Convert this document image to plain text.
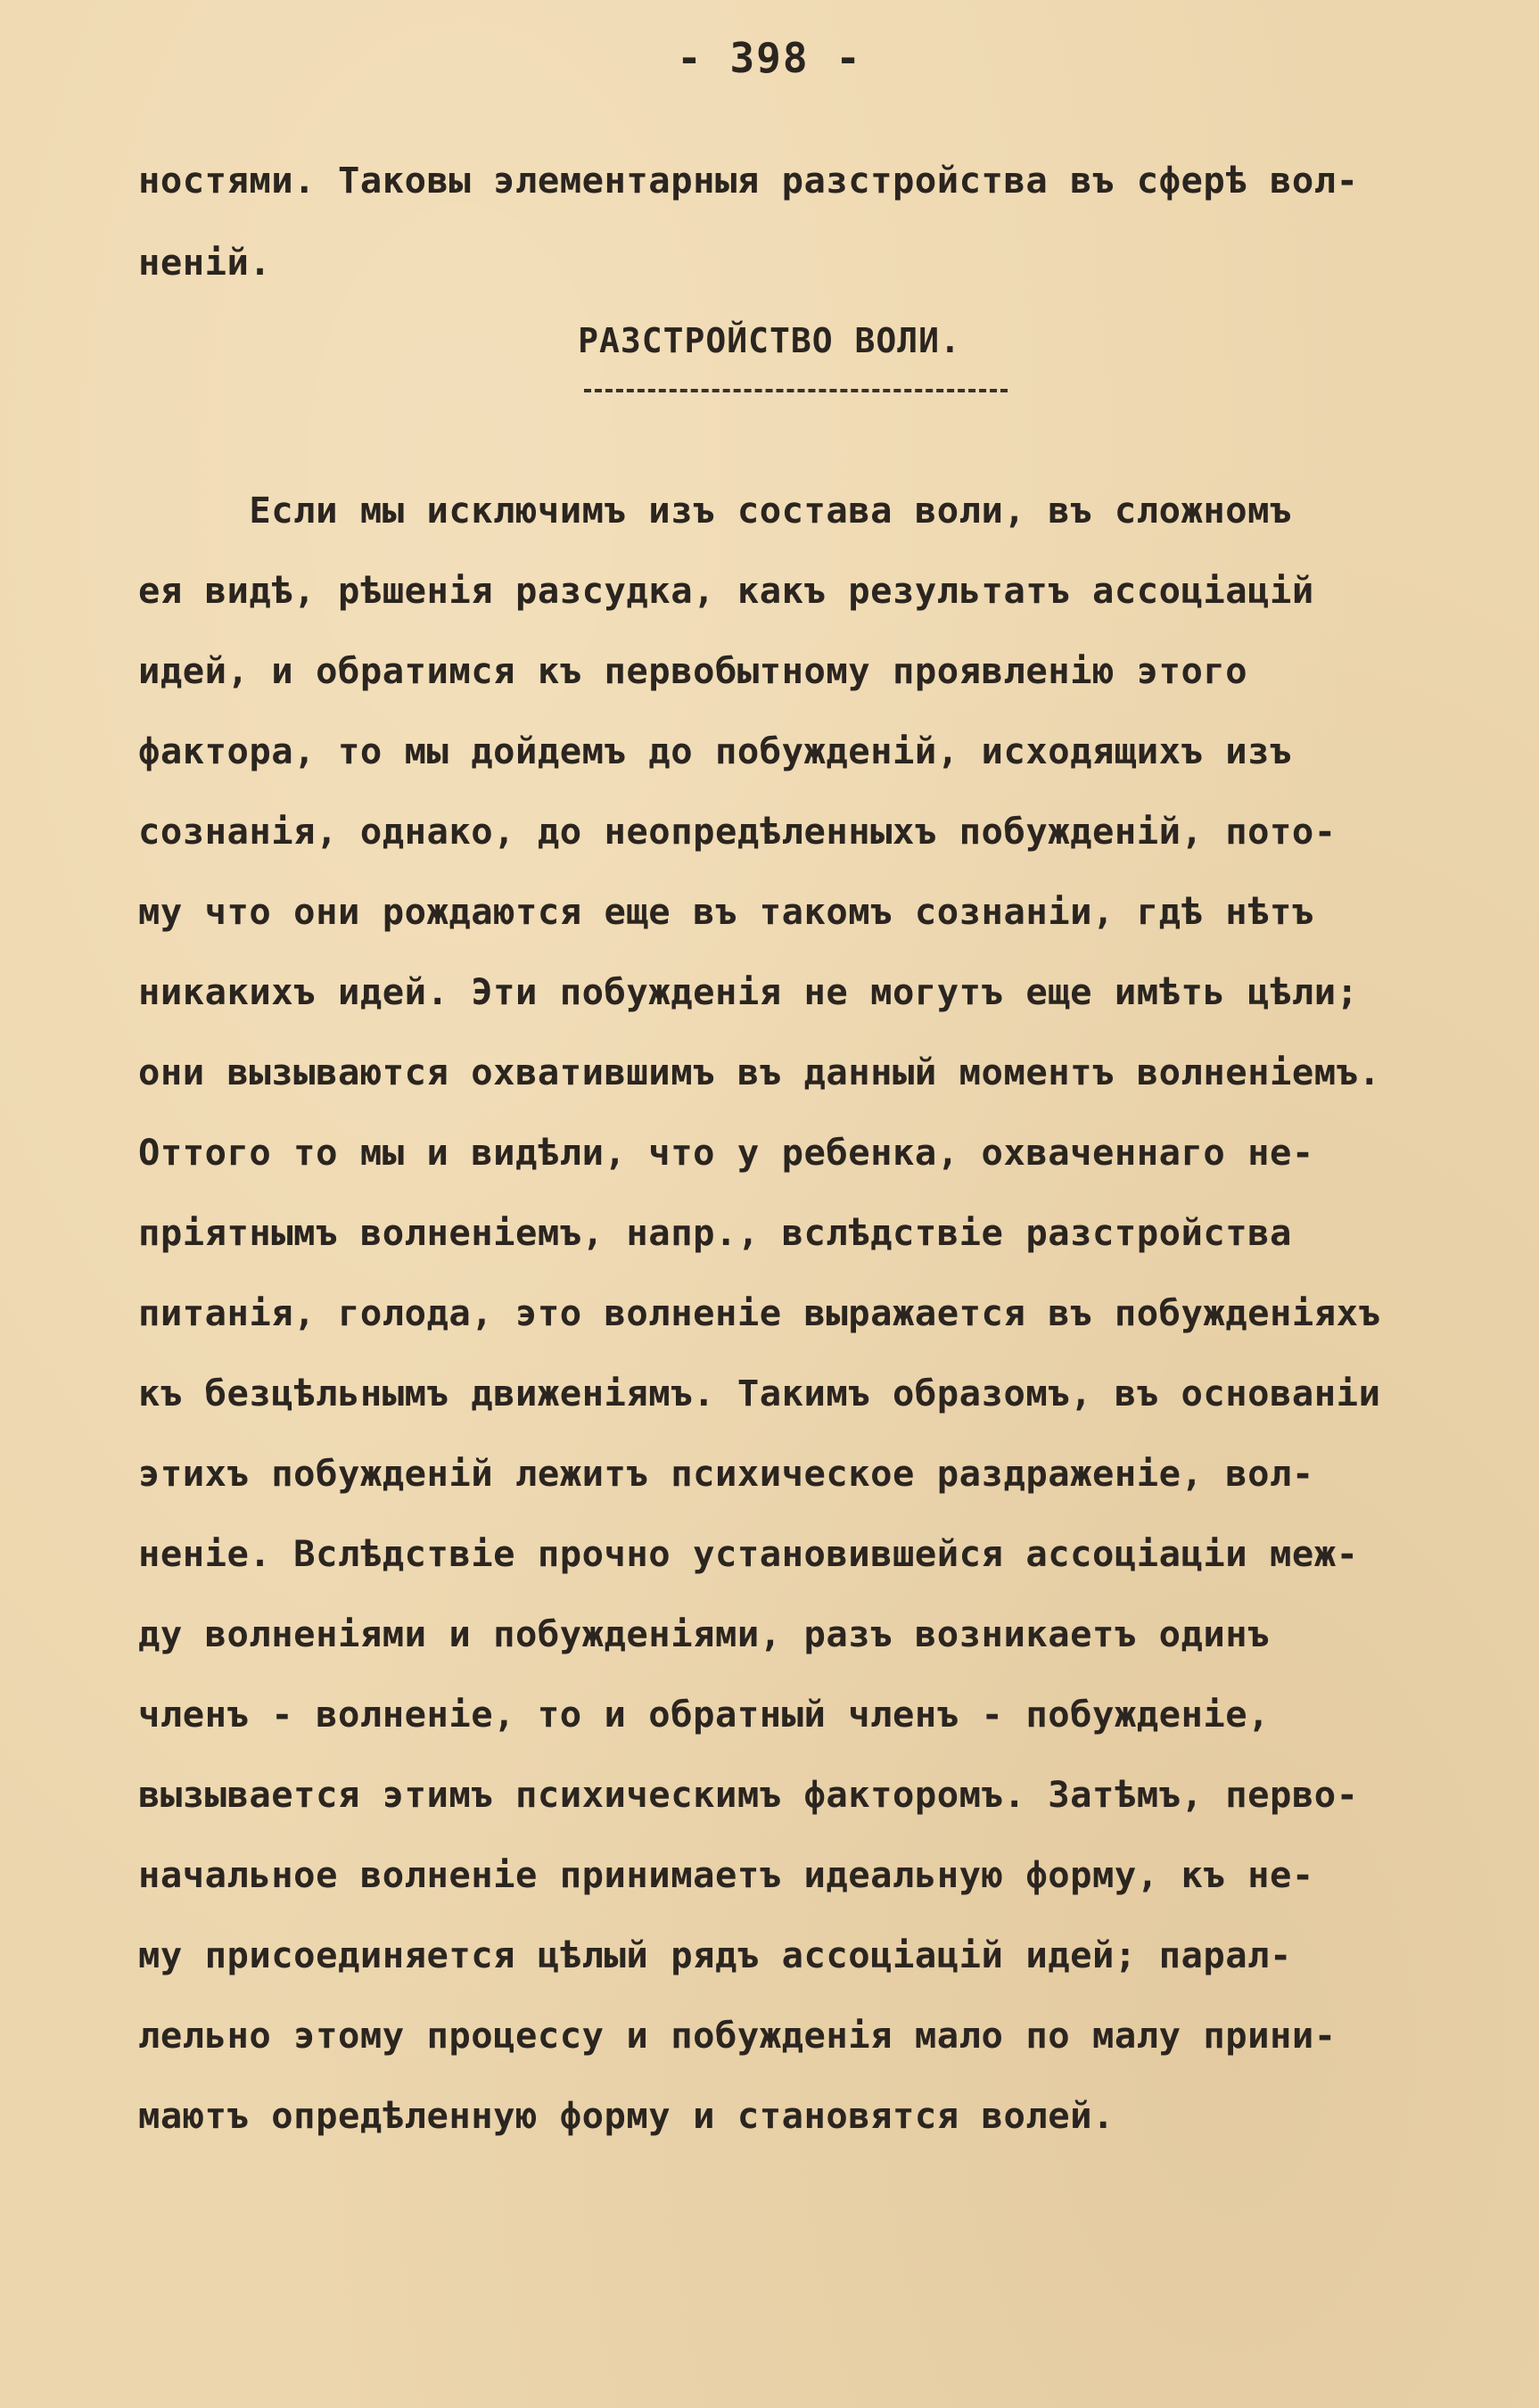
- 398 -
ностями. Таковы элементарныя разстройства въ сферѣ вол-
неній.
РАЗСТРОЙСТВО ВОЛИ.
Если мы исключимъ изъ состава воли, въ сложномъ
ея видѣ, рѣшенія разсудка, какъ результатъ ассоціацій
идей, и обратимся къ первобытному проявленію этого
фактора, то мы дойдемъ до побужденій, исходящихъ изъ
сознанія, однако, до неопредѣленныхъ побужденій, пото-
му что они рождаются еще въ такомъ сознаніи, гдѣ нѣтъ
никакихъ идей. Эти побужденія не могутъ еще имѣть цѣли;
они вызываются охватившимъ въ данный моментъ волненіемъ.
Оттого то мы и видѣли, что у ребенка, охваченнаго не-
пріятнымъ волненіемъ, напр., вслѣдствіе разстройства
питанія, голода, это волненіе выражается въ побужденіяхъ
къ безцѣльнымъ движеніямъ. Такимъ образомъ, въ основаніи
этихъ побужденій лежитъ психическое раздраженіе, вол-
неніе. Вслѣдствіе прочно установившейся ассоціаціи меж-
ду волненіями и побужденіями, разъ возникаетъ одинъ
членъ - волненіе, то и обратный членъ - побужденіе,
вызывается этимъ психическимъ факторомъ. Затѣмъ, перво-
начальное волненіе принимаетъ идеальную форму, къ не-
му присоединяется цѣлый рядъ ассоціацій идей; парал-
лельно этому процессу и побужденія мало по малу прини-
маютъ опредѣленную форму и становятся волей.
